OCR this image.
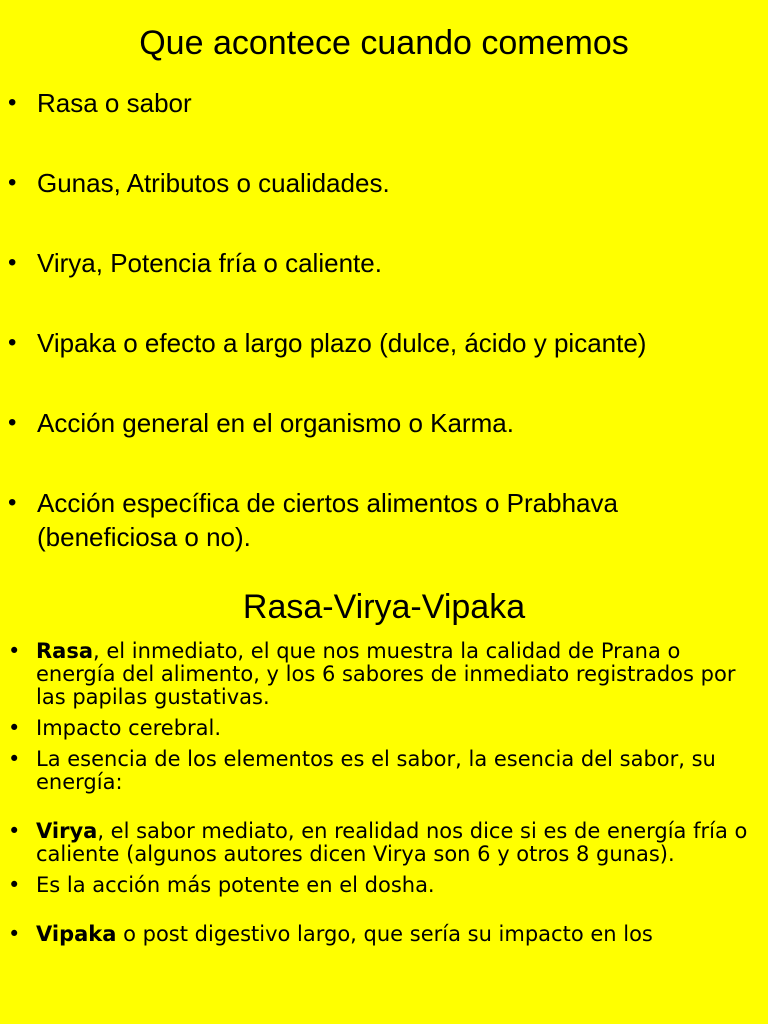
Que acontece cuando comemos
• Rasa o sabor
• Gunas, Atributos o cualidades.
• Virya, Potencia fría o caliente.
• Vipaka o efecto a largo plazo (dulce, ácido y picante)
• Acción general en el organismo o Karma.
• Acción específica de ciertos alimentos o Prabhava (beneficiosa o no).
Rasa-Virya-Vipaka
• Rasa, el inmediato, el que nos muestra la calidad de Prana o energía del alimento, y los 6 sabores de inmediato registrados por las papilas gustativas.
• Impacto cerebral.
• La esencia de los elementos es el sabor, la esencia del sabor, su energía:
• Virya, el sabor mediato, en realidad nos dice si es de energía fría o caliente (algunos autores dicen Virya son 6 y otros 8 gunas).
• Es la acción más potente en el dosha.
• Vipaka o post digestivo largo, que sería su impacto en los
